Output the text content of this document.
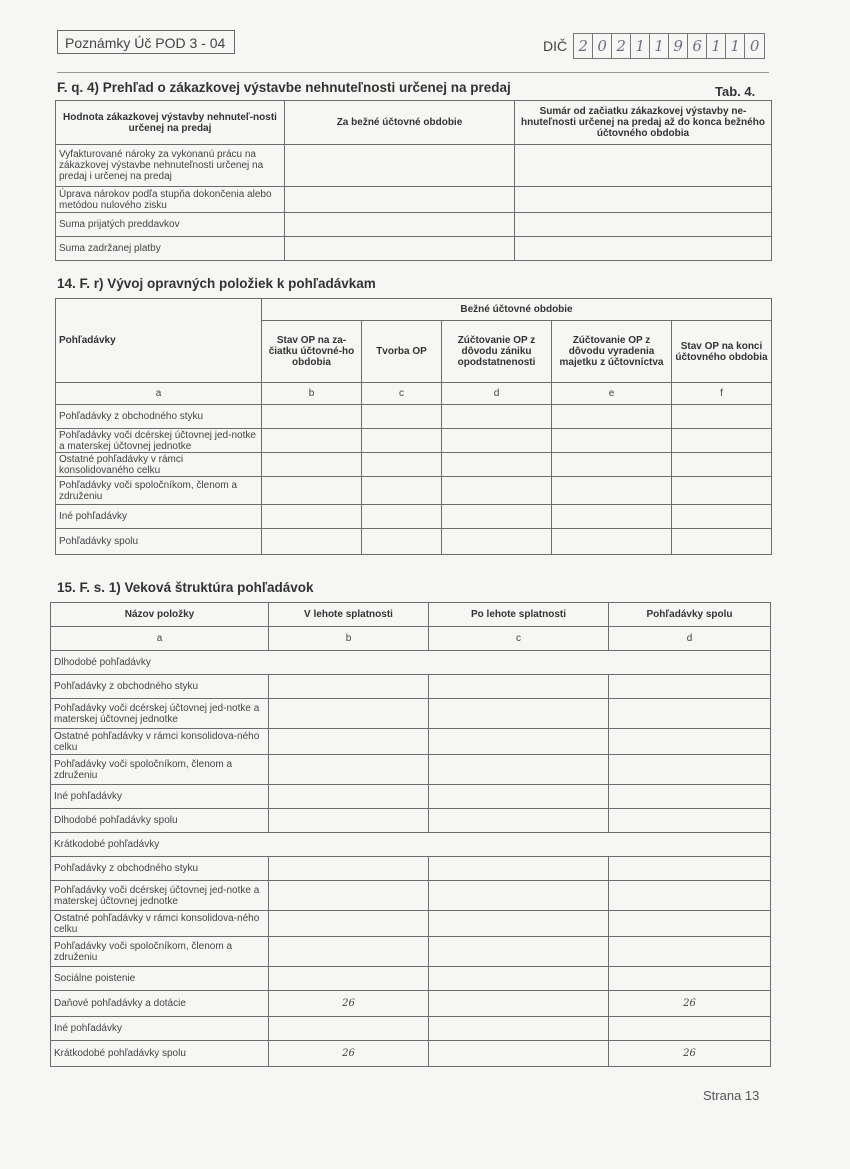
Poznámky Úč POD 3 - 04	DIČ 2 0 2 1 1 9 6 1 1 0
F. q. 4) Prehľad o zákazkovej výstavbe nehnuteľnosti určenej na predaj	Tab. 4.
Hodnota zákazkovej výstavby nehnuteľ-nosti určenej na predaj	Za bežné účtovné obdobie	Sumár od začiatku zákazkovej výstavby ne-hnuteľnosti určenej na predaj až do konca bežného účtovného obdobia
Vyfakturované nároky za vykonanú prácu na zákazkovej výstavbe nehnuteľnosti určenej na predaj i určenej na predaj		
Úprava nárokov podľa stupňa dokončenia alebo metódou nulového zisku		
Suma prijatých preddavkov		
Suma zadržanej platby		
14. F. r) Vývoj opravných položiek k pohľadávkam
Pohľadávky	Bežné účtovné obdobie				
	Stav OP na za-čiatku účtovné-ho obdobia	Tvorba OP	Zúčtovanie OP z dôvodu zániku opodstatnenosti	Zúčtovanie OP z dôvodu vyradenia majetku z účtovníctva	Stav OP na konci účtovného obdobia
a	b	c	d	e	f
Pohľadávky z obchodného styku					
Pohľadávky voči dcérskej účtovnej jed-notke a materskej účtovnej jednotke					
Ostatné pohľadávky v rámci konsolidovaného celku					
Pohľadávky voči spoločníkom, členom a združeniu					
Iné pohľadávky					
Pohľadávky spolu					
15. F. s. 1) Veková štruktúra pohľadávok
Názov položky	V lehote splatnosti	Po lehote splatnosti	Pohľadávky spolu
a	b	c	d
Dlhodobé pohľadávky			
Pohľadávky z obchodného styku			
Pohľadávky voči dcérskej účtovnej jed-notke a materskej účtovnej jednotke			
Ostatné pohľadávky v rámci konsolidova-ného celku			
Pohľadávky voči spoločníkom, členom a združeniu			
Iné pohľadávky			
Dlhodobé pohľadávky spolu			
Krátkodobé pohľadávky			
Pohľadávky z obchodného styku			
Pohľadávky voči dcérskej účtovnej jed-notke a materskej účtovnej jednotke			
Ostatné pohľadávky v rámci konsolidova-ného celku			
Pohľadávky voči spoločníkom, členom a združeniu			
Sociálne poistenie			
Daňové pohľadávky a dotácie	26		26
Iné pohľadávky			
Krátkodobé pohľadávky spolu	26		26
Strana 13
